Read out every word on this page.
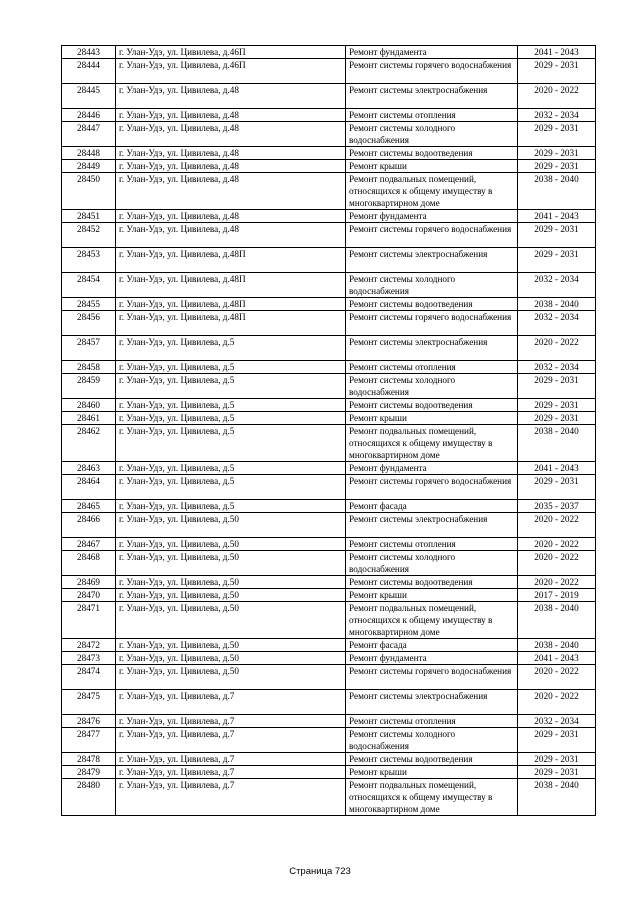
28443	г. Улан-Удэ, ул. Цивилева, д.46П	Ремонт фундамента	2041 - 2043
28444	г. Улан-Удэ, ул. Цивилева, д.46П	Ремонт системы горячего водоснабжения	2029 - 2031
28445	г. Улан-Удэ, ул. Цивилева, д.48	Ремонт системы электроснабжения	2020 - 2022
28446	г. Улан-Удэ, ул. Цивилева, д.48	Ремонт системы отопления	2032 - 2034
28447	г. Улан-Удэ, ул. Цивилева, д.48	Ремонт системы холодного водоснабжения	2029 - 2031
28448	г. Улан-Удэ, ул. Цивилева, д.48	Ремонт системы водоотведения	2029 - 2031
28449	г. Улан-Удэ, ул. Цивилева, д.48	Ремонт крыши	2029 - 2031
28450	г. Улан-Удэ, ул. Цивилева, д.48	Ремонт подвальных помещений, относящихся к общему имуществу в многоквартирном доме	2038 - 2040
28451	г. Улан-Удэ, ул. Цивилева, д.48	Ремонт фундамента	2041 - 2043
28452	г. Улан-Удэ, ул. Цивилева, д.48	Ремонт системы горячего водоснабжения	2029 - 2031
28453	г. Улан-Удэ, ул. Цивилева, д.48П	Ремонт системы электроснабжения	2029 - 2031
28454	г. Улан-Удэ, ул. Цивилева, д.48П	Ремонт системы холодного водоснабжения	2032 - 2034
28455	г. Улан-Удэ, ул. Цивилева, д.48П	Ремонт системы водоотведения	2038 - 2040
28456	г. Улан-Удэ, ул. Цивилева, д.48П	Ремонт системы горячего водоснабжения	2032 - 2034
28457	г. Улан-Удэ, ул. Цивилева, д.5	Ремонт системы электроснабжения	2020 - 2022
28458	г. Улан-Удэ, ул. Цивилева, д.5	Ремонт системы отопления	2032 - 2034
28459	г. Улан-Удэ, ул. Цивилева, д.5	Ремонт системы холодного водоснабжения	2029 - 2031
28460	г. Улан-Удэ, ул. Цивилева, д.5	Ремонт системы водоотведения	2029 - 2031
28461	г. Улан-Удэ, ул. Цивилева, д.5	Ремонт крыши	2029 - 2031
28462	г. Улан-Удэ, ул. Цивилева, д.5	Ремонт подвальных помещений, относящихся к общему имуществу в многоквартирном доме	2038 - 2040
28463	г. Улан-Удэ, ул. Цивилева, д.5	Ремонт фундамента	2041 - 2043
28464	г. Улан-Удэ, ул. Цивилева, д.5	Ремонт системы горячего водоснабжения	2029 - 2031
28465	г. Улан-Удэ, ул. Цивилева, д.5	Ремонт фасада	2035 - 2037
28466	г. Улан-Удэ, ул. Цивилева, д.50	Ремонт системы электроснабжения	2020 - 2022
28467	г. Улан-Удэ, ул. Цивилева, д.50	Ремонт системы отопления	2020 - 2022
28468	г. Улан-Удэ, ул. Цивилева, д.50	Ремонт системы холодного водоснабжения	2020 - 2022
28469	г. Улан-Удэ, ул. Цивилева, д.50	Ремонт системы водоотведения	2020 - 2022
28470	г. Улан-Удэ, ул. Цивилева, д.50	Ремонт крыши	2017 - 2019
28471	г. Улан-Удэ, ул. Цивилева, д.50	Ремонт подвальных помещений, относящихся к общему имуществу в многоквартирном доме	2038 - 2040
28472	г. Улан-Удэ, ул. Цивилева, д.50	Ремонт фасада	2038 - 2040
28473	г. Улан-Удэ, ул. Цивилева, д.50	Ремонт фундамента	2041 - 2043
28474	г. Улан-Удэ, ул. Цивилева, д.50	Ремонт системы горячего водоснабжения	2020 - 2022
28475	г. Улан-Удэ, ул. Цивилева, д.7	Ремонт системы электроснабжения	2020 - 2022
28476	г. Улан-Удэ, ул. Цивилева, д.7	Ремонт системы отопления	2032 - 2034
28477	г. Улан-Удэ, ул. Цивилева, д.7	Ремонт системы холодного водоснабжения	2029 - 2031
28478	г. Улан-Удэ, ул. Цивилева, д.7	Ремонт системы водоотведения	2029 - 2031
28479	г. Улан-Удэ, ул. Цивилева, д.7	Ремонт крыши	2029 - 2031
28480	г. Улан-Удэ, ул. Цивилева, д.7	Ремонт подвальных помещений, относящихся к общему имуществу в многоквартирном доме	2038 - 2040
Страница 723
